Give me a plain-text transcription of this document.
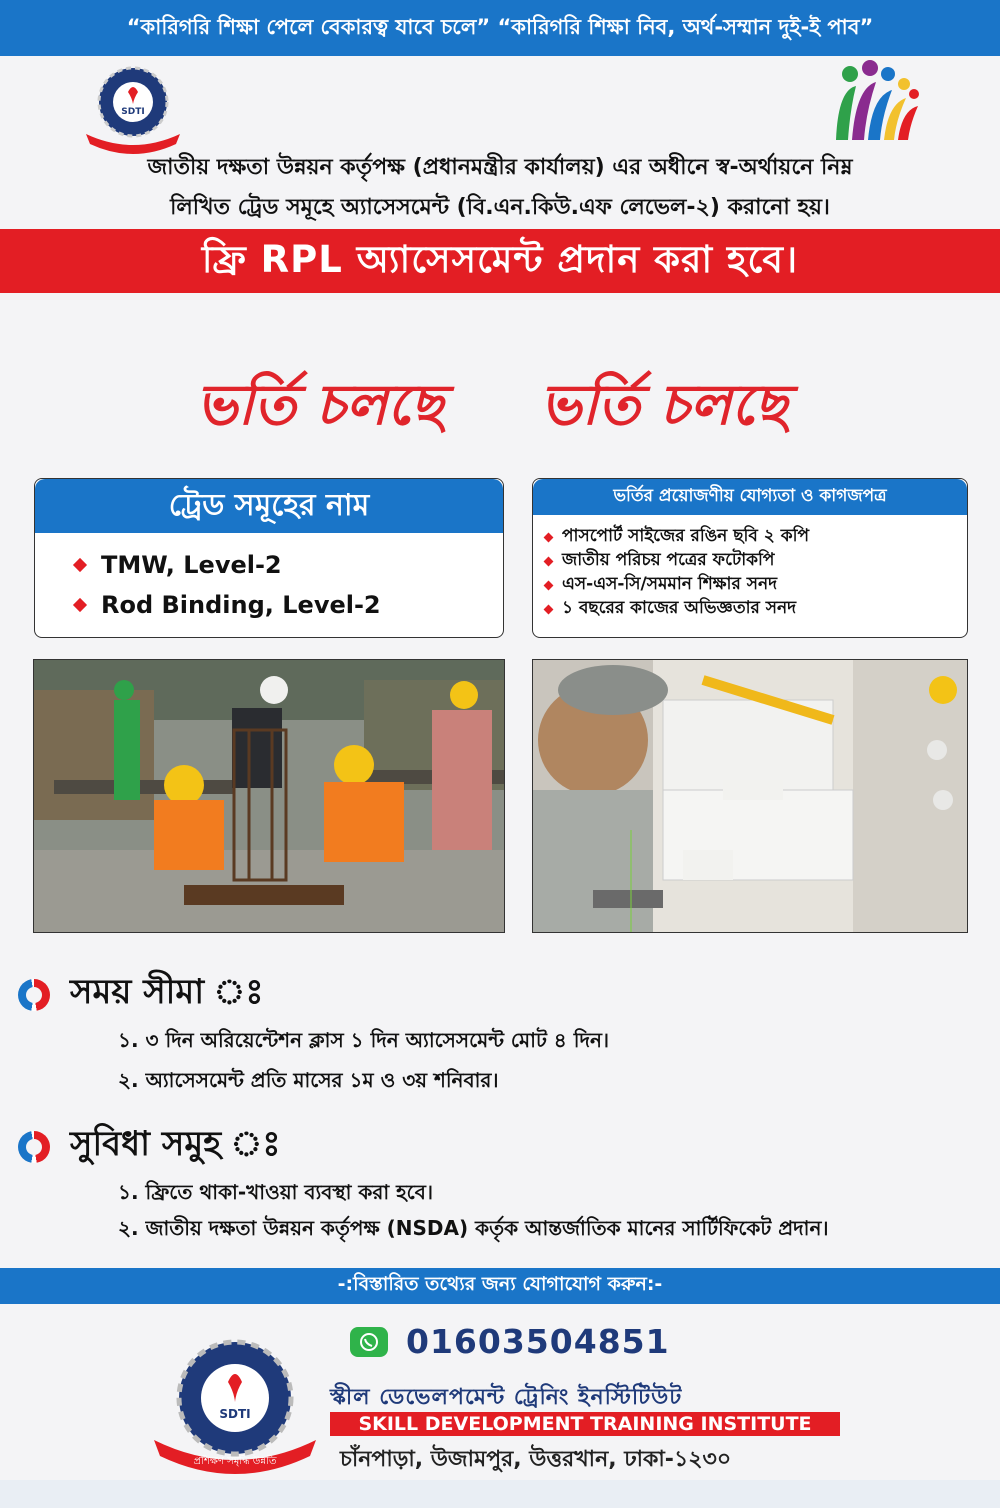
“কারিগরি শিক্ষা পেলে বেকারত্ব যাবে চলে” “কারিগরি শিক্ষা নিব, অর্থ-সম্মান দুই-ই পাব”
SDTI
জাতীয় দক্ষতা উন্নয়ন কর্তৃপক্ষ (প্রধানমন্ত্রীর কার্যালয়) এর অধীনে স্ব-অর্থায়নে নিম্ন
লিখিত ট্রেড সমূহে অ্যাসেসমেন্ট (বি.এন.কিউ.এফ লেভেল-২) করানো হয়।
ফ্রি RPL অ্যাসেসমেন্ট প্রদান করা হবে।
ভর্তি চলছে ভর্তি চলছে
ট্রেড সমূহের নাম
TMW, Level-2
Rod Binding, Level-2
ভর্তির প্রয়োজণীয় যোগ্যতা ও কাগজপত্র
পাসপোর্ট সাইজের রঙিন ছবি ২ কপি
জাতীয় পরিচয় পত্রের ফটোকপি
এস-এস-সি/সমমান শিক্ষার সনদ
১ বছরের কাজের অভিজ্ঞতার সনদ
সময় সীমা ঃ
১. ৩ দিন অরিয়েন্টেশন ক্লাস ১ দিন অ্যাসেসমেন্ট মোট ৪ দিন।
২. অ্যাসেসমেন্ট প্রতি মাসের ১ম ও ৩য় শনিবার।
সুবিধা সমুহ ঃ
১. ফ্রিতে থাকা-খাওয়া ব্যবস্থা করা হবে।
২. জাতীয় দক্ষতা উন্নয়ন কর্তৃপক্ষ (NSDA) কর্তৃক আন্তর্জাতিক মানের সার্টিফিকেট প্রদান।
-:বিস্তারিত তথ্যের জন্য যোগাযোগ করুন:-
01603504851
SDTI
প্রশিক্ষণ সমৃদ্ধি উন্নতি
স্কীল ডেভেলপমেন্ট ট্রেনিং ইনস্টিটিউট
SKILL DEVELOPMENT TRAINING INSTITUTE
চাঁনপাড়া, উজামপুর, উত্তরখান, ঢাকা-১২৩০
